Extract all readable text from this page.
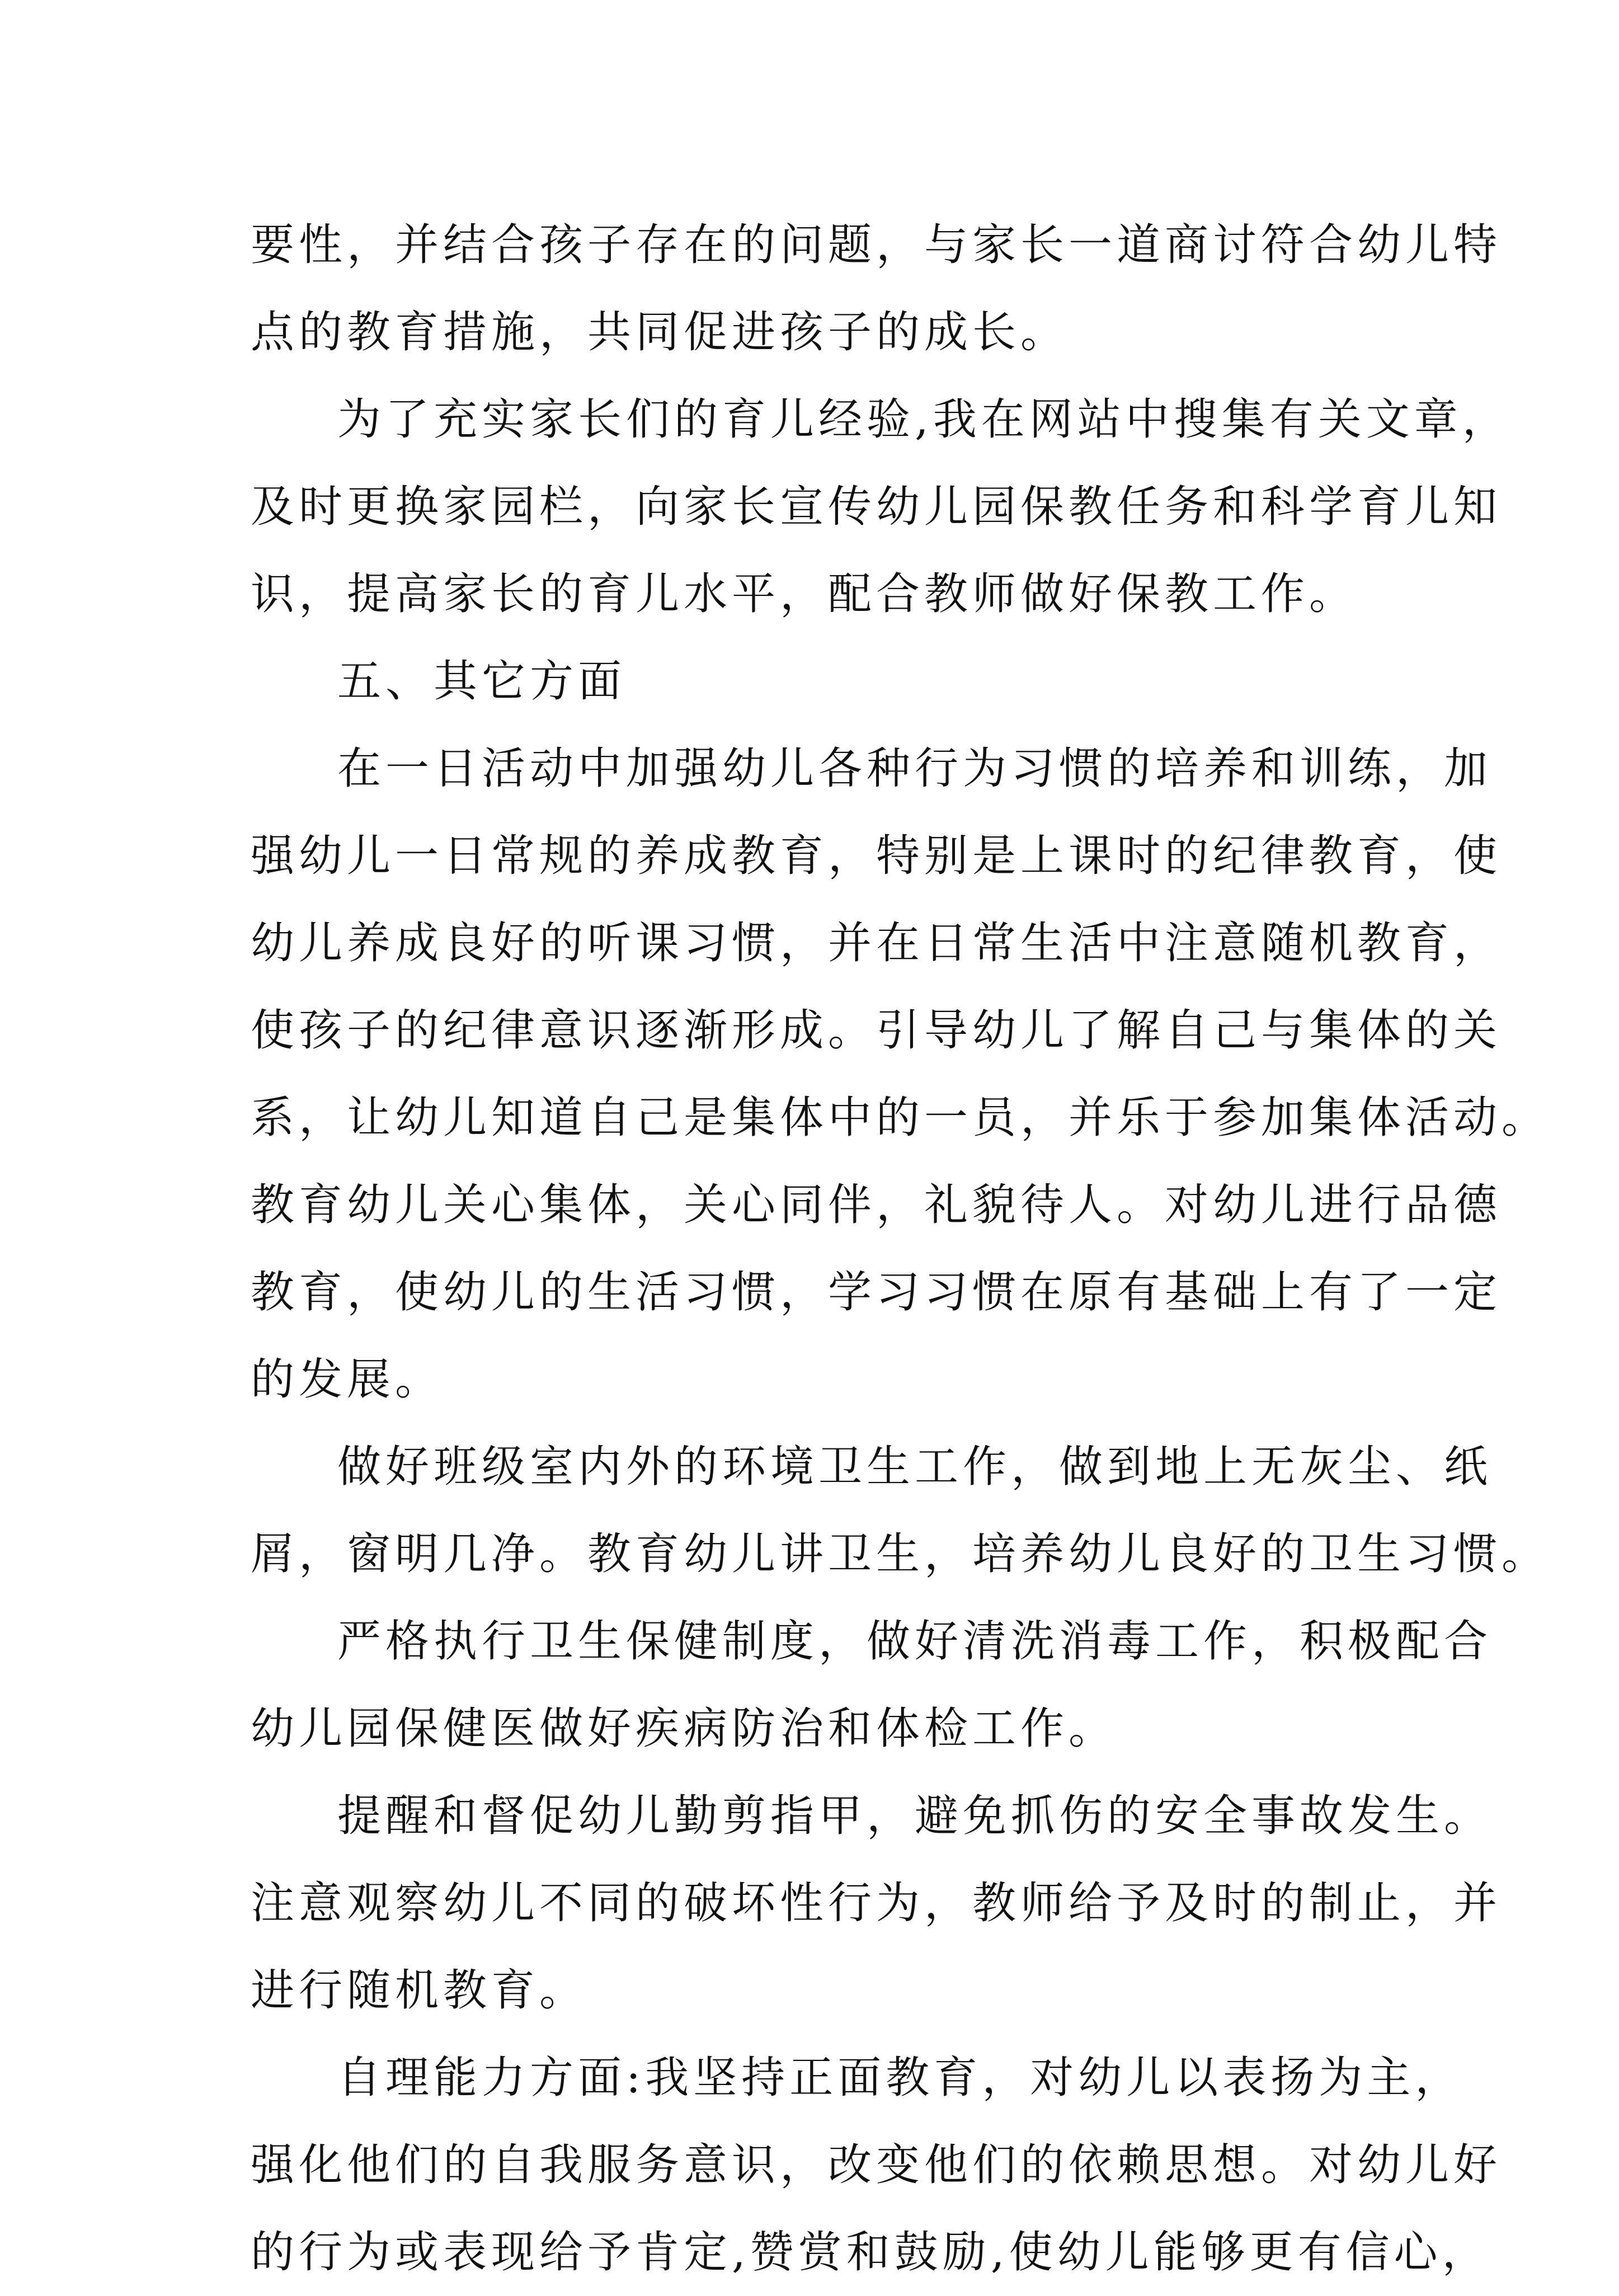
要性，并结合孩子存在的问题，与家长一道商讨符合幼儿特
点的教育措施，共同促进孩子的成长。
为了充实家长们的育儿经验,我在网站中搜集有关文章，
及时更换家园栏，向家长宣传幼儿园保教任务和科学育儿知
识，提高家长的育儿水平，配合教师做好保教工作。
五、其它方面
在一日活动中加强幼儿各种行为习惯的培养和训练，加
强幼儿一日常规的养成教育，特别是上课时的纪律教育，使
幼儿养成良好的听课习惯，并在日常生活中注意随机教育，
使孩子的纪律意识逐渐形成。引导幼儿了解自己与集体的关
系，让幼儿知道自己是集体中的一员，并乐于参加集体活动。
教育幼儿关心集体，关心同伴，礼貌待人。对幼儿进行品德
教育，使幼儿的生活习惯，学习习惯在原有基础上有了一定
的发展。
做好班级室内外的环境卫生工作，做到地上无灰尘、纸
屑，窗明几净。教育幼儿讲卫生，培养幼儿良好的卫生习惯。
严格执行卫生保健制度，做好清洗消毒工作，积极配合
幼儿园保健医做好疾病防治和体检工作。
提醒和督促幼儿勤剪指甲，避免抓伤的安全事故发生。
注意观察幼儿不同的破坏性行为，教师给予及时的制止，并
进行随机教育。
自理能力方面:我坚持正面教育，对幼儿以表扬为主，
强化他们的自我服务意识，改变他们的依赖思想。对幼儿好
的行为或表现给予肯定,赞赏和鼓励,使幼儿能够更有信心，
